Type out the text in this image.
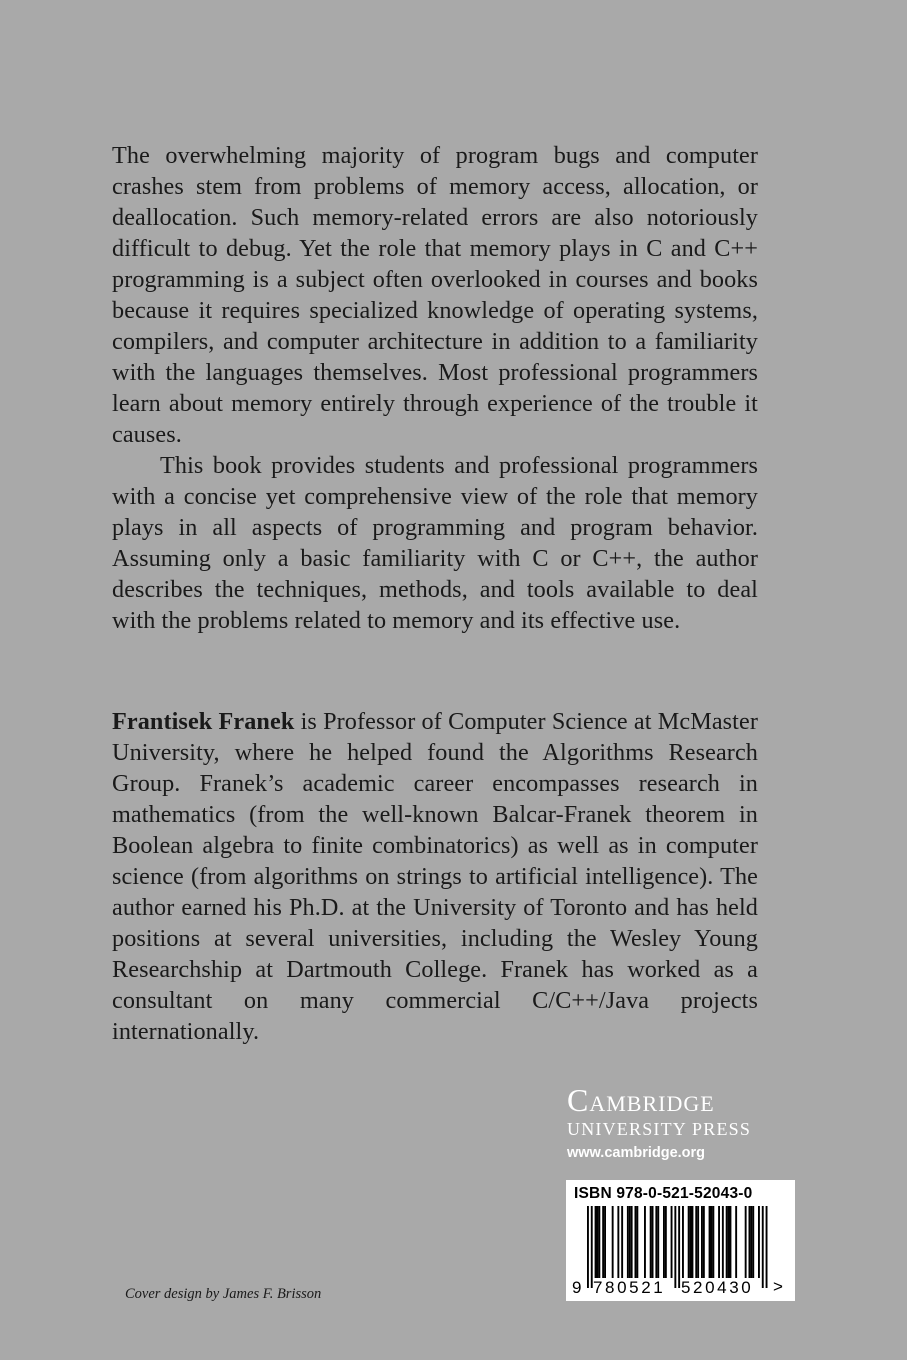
The overwhelming majority of program bugs and computer crashes stem from problems of memory access, allocation, or deallocation. Such memory-related errors are also notoriously difficult to debug. Yet the role that memory plays in C and C++ programming is a subject often overlooked in courses and books because it requires specialized knowledge of operating systems, compilers, and computer architecture in addition to a familiarity with the languages themselves. Most professional programmers learn about memory entirely through experience of the trouble it causes.

This book provides students and professional programmers with a concise yet comprehensive view of the role that memory plays in all aspects of programming and program behavior. Assuming only a basic familiarity with C or C++, the author describes the techniques, methods, and tools available to deal with the problems related to memory and its effective use.

Frantisek Franek is Professor of Computer Science at McMaster University, where he helped found the Algorithms Research Group. Franek’s academic career encompasses research in mathematics (from the well-known Balcar-Franek theorem in Boolean algebra to finite combinatorics) as well as in computer science (from algorithms on strings to artificial intelligence). The author earned his Ph.D. at the University of Toronto and has held positions at several universities, including the Wesley Young Researchship at Dartmouth College. Franek has worked as a consultant on many commercial C/C++/Java projects internationally.

Cambridge
UNIVERSITY PRESS
www.cambridge.org
ISBN 978-0-521-52043-0
9 780521 520430 >
Cover design by James F. Brisson
